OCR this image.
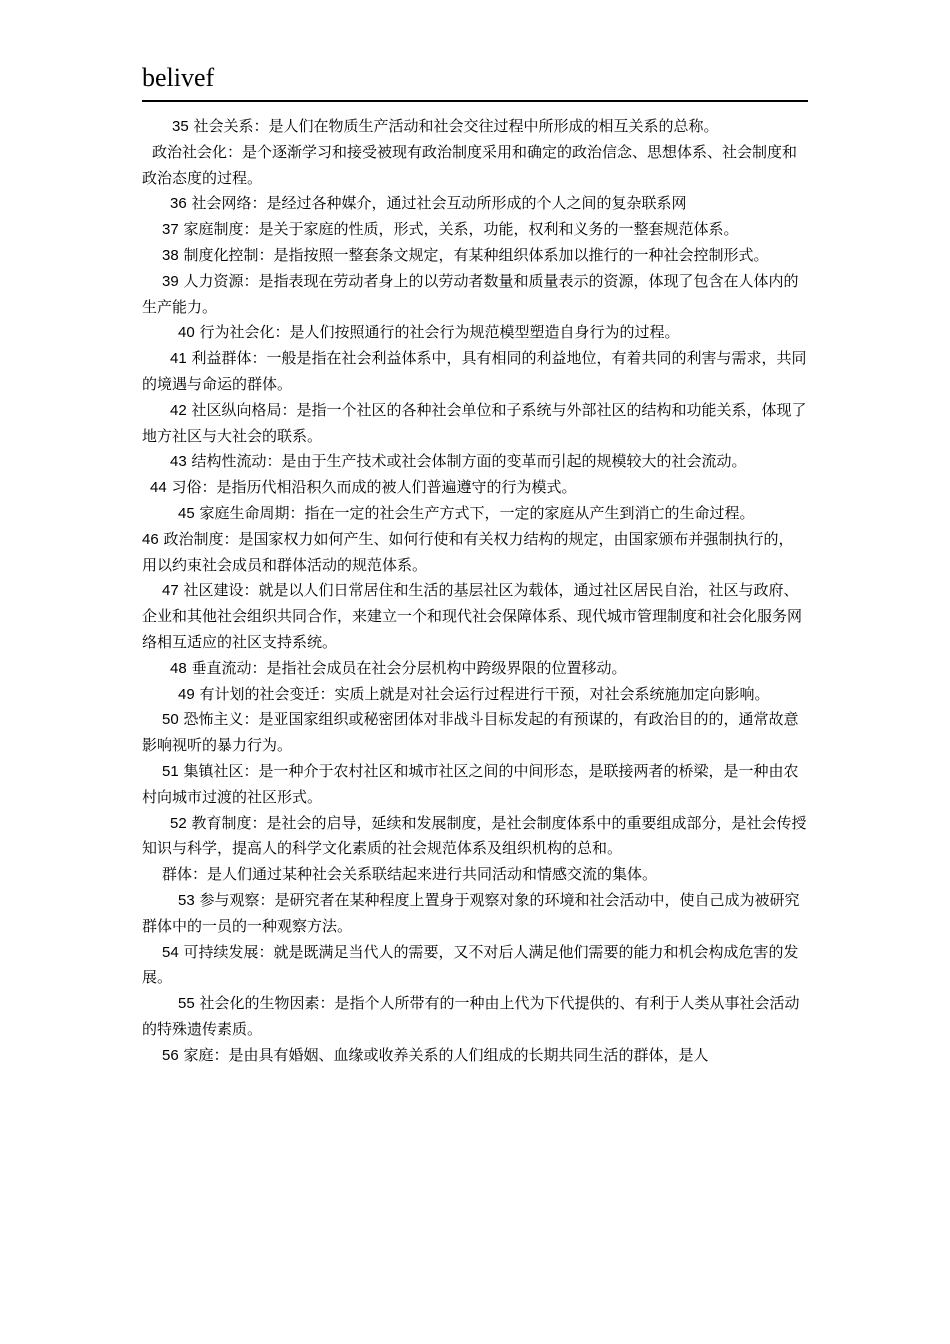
belivef

35 社会关系：是人们在物质生产活动和社会交往过程中所形成的相互关系的总称。

政治社会化：是个逐渐学习和接受被现有政治制度采用和确定的政治信念、思想体系、社会制度和政治态度的过程。

36 社会网络：是经过各种媒介，通过社会互动所形成的个人之间的复杂联系网

37 家庭制度：是关于家庭的性质，形式，关系，功能，权利和义务的一整套规范体系。

38 制度化控制：是指按照一整套条文规定，有某种组织体系加以推行的一种社会控制形式。

39 人力资源：是指表现在劳动者身上的以劳动者数量和质量表示的资源，体现了包含在人体内的生产能力。

40 行为社会化：是人们按照通行的社会行为规范模型塑造自身行为的过程。

41 利益群体：一般是指在社会利益体系中，具有相同的利益地位，有着共同的利害与需求，共同的境遇与命运的群体。

42 社区纵向格局：是指一个社区的各种社会单位和子系统与外部社区的结构和功能关系，体现了地方社区与大社会的联系。

43 结构性流动：是由于生产技术或社会体制方面的变革而引起的规模较大的社会流动。

44 习俗：是指历代相沿积久而成的被人们普遍遵守的行为模式。

45 家庭生命周期：指在一定的社会生产方式下，一定的家庭从产生到消亡的生命过程。

46 政治制度：是国家权力如何产生、如何行使和有关权力结构的规定，由国家颁布并强制执行的，用以约束社会成员和群体活动的规范体系。

47 社区建设：就是以人们日常居住和生活的基层社区为载体，通过社区居民自治，社区与政府、企业和其他社会组织共同合作，来建立一个和现代社会保障体系、现代城市管理制度和社会化服务网络相互适应的社区支持系统。

48 垂直流动：是指社会成员在社会分层机构中跨级界限的位置移动。

49 有计划的社会变迁：实质上就是对社会运行过程进行干预，对社会系统施加定向影响。

50 恐怖主义：是亚国家组织或秘密团体对非战斗目标发起的有预谋的，有政治目的的，通常故意影响视听的暴力行为。

51 集镇社区：是一种介于农村社区和城市社区之间的中间形态，是联接两者的桥梁，是一种由农村向城市过渡的社区形式。

52 教育制度：是社会的启导，延续和发展制度，是社会制度体系中的重要组成部分，是社会传授知识与科学，提高人的科学文化素质的社会规范体系及组织机构的总和。

群体：是人们通过某种社会关系联结起来进行共同活动和情感交流的集体。

53 参与观察：是研究者在某种程度上置身于观察对象的环境和社会活动中，使自己成为被研究群体中的一员的一种观察方法。

54 可持续发展：就是既满足当代人的需要，又不对后人满足他们需要的能力和机会构成危害的发展。

55 社会化的生物因素：是指个人所带有的一种由上代为下代提供的、有利于人类从事社会活动的特殊遗传素质。

56 家庭：是由具有婚姻、血缘或收养关系的人们组成的长期共同生活的群体，是人
